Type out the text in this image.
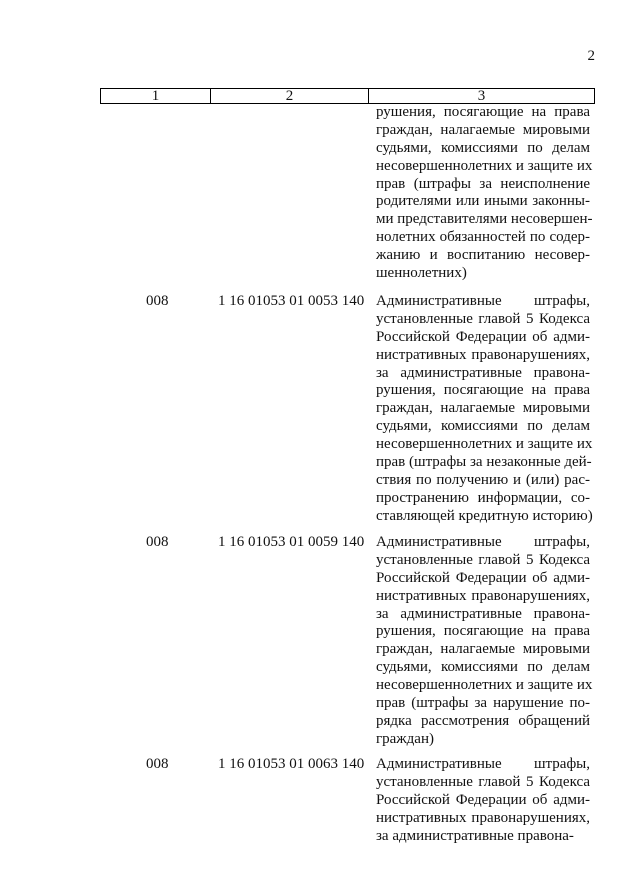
2
1	2	3
рушения, посягающие на права
граждан, налагаемые мировыми
судьями, комиссиями по делам
несовершеннолетних и защите их
прав (штрафы за неисполнение
родителями или иными законны-
ми представителями несовершен-
нолетних обязанностей по содер-
жанию и воспитанию несовер-
шеннолетних)
008	1 16 01053 01 0053 140 Административные штрафы,
установленные главой 5 Кодекса
Российской Федерации об адми-
нистративных правонарушениях,
за административные правона-
рушения, посягающие на права
граждан, налагаемые мировыми
судьями, комиссиями по делам
несовершеннолетних и защите их
прав (штрафы за незаконные дей-
ствия по получению и (или) рас-
пространению информации, со-
ставляющей кредитную историю)
008	1 16 01053 01 0059 140 Административные штрафы,
установленные главой 5 Кодекса
Российской Федерации об адми-
нистративных правонарушениях,
за административные правона-
рушения, посягающие на права
граждан, налагаемые мировыми
судьями, комиссиями по делам
несовершеннолетних и защите их
прав (штрафы за нарушение по-
рядка рассмотрения обращений
граждан)
008	1 16 01053 01 0063 140 Административные штрафы,
установленные главой 5 Кодекса
Российской Федерации об адми-
нистративных правонарушениях,
за административные правона-
